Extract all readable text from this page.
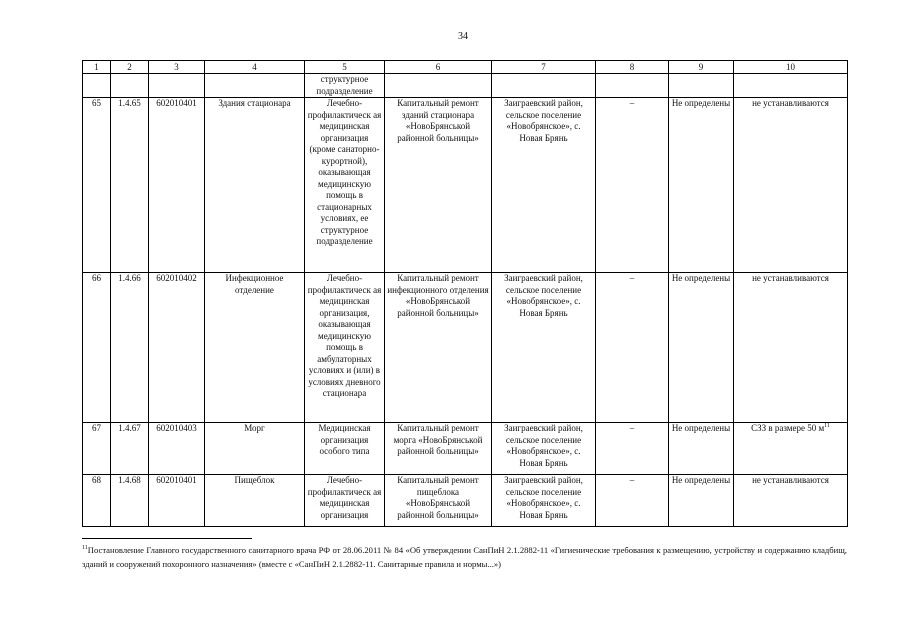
34
1	2	3	4	5	6	7	8	9	10
				структурное подразделение					
65	1.4.65	602010401	Здания стационара	Лечебно-профилактическ ая медицинская организация (кроме санаторно-курортной), оказывающая медицинскую помощь в стационарных условиях, ее структурное подразделение	Капитальный ремонт зданий стационара «НовоБрянськой районной больницы»	Заиграевский район, сельское поселение «Новобрянское», с. Новая Брянь	–	Не определены	не устанавливаются
66	1.4.66	602010402	Инфекционное отделение	Лечебно-профилактическ ая медицинская организация, оказывающая медицинскую помощь в амбулаторных условиях и (или) в условиях дневного стационара	Капитальный ремонт инфекционного отделения «НовоБрянськой районной больницы»	Заиграевский район, сельское поселение «Новобрянское», с. Новая Брянь	–	Не определены	не устанавливаются
67	1.4.67	602010403	Морг	Медицинская организация особого типа	Капитальный ремонт морга «НовоБрянськой районной больницы»	Заиграевский район, сельское поселение «Новобрянское», с. Новая Брянь	–	Не определены	СЗЗ в размере 50 $м^{11}$
68	1.4.68	602010401	Пищеблок	Лечебно-профилактическ ая медицинская организация	Капитальный ремонт пищеблока «НовоБрянськой районной больницы»	Заиграевский район, сельское поселение «Новобрянское», с. Новая Брянь	–	Не определены	не устанавливаются
$^{11}$Постановление Главного государственного санитарного врача РФ от 28.06.2011 № 84 «Об утверждении СанПиН 2.1.2882-11 «Гигиенические требования к размещению, устройству и содержанию кладбищ, зданий и сооружений похоронного назначения» (вместе с «СанПиН 2.1.2882-11. Санитарные правила и нормы...»)
